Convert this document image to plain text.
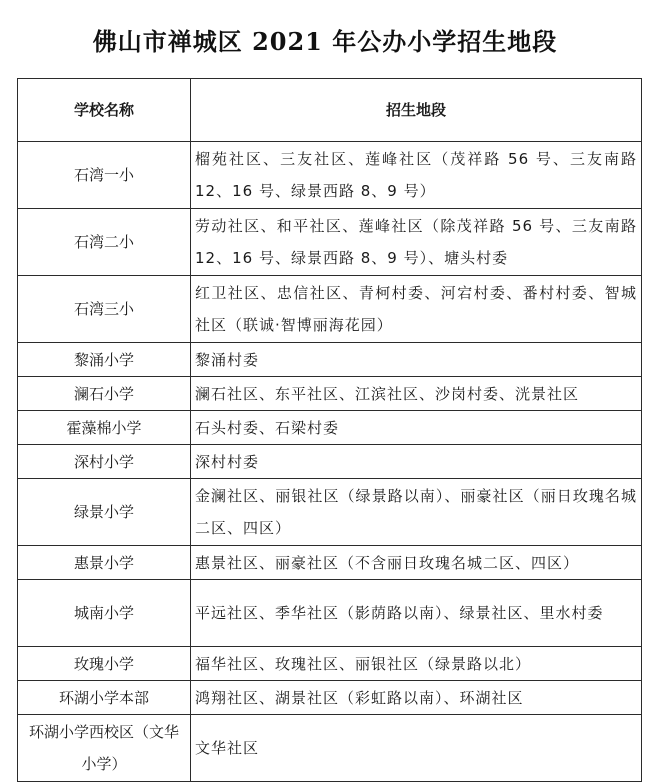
佛山市禅城区 2021 年公办小学招生地段
学校名称	招生地段
石湾一小	榴苑社区、三友社区、莲峰社区（茂祥路 56 号、三友南路 12、16 号、绿景西路 8、9 号）
石湾二小	劳动社区、和平社区、莲峰社区（除茂祥路 56 号、三友南路 12、16 号、绿景西路 8、9 号）、塘头村委
石湾三小	红卫社区、忠信社区、青柯村委、河宕村委、番村村委、智城社区（联诚·智博丽海花园）
黎涌小学	黎涌村委
澜石小学	澜石社区、东平社区、江滨社区、沙岗村委、洸景社区
霍藻棉小学	石头村委、石梁村委
深村小学	深村村委
绿景小学	金澜社区、丽银社区（绿景路以南）、丽豪社区（丽日玫瑰名城二区、四区）
惠景小学	惠景社区、丽豪社区（不含丽日玫瑰名城二区、四区）
城南小学	平远社区、季华社区（影荫路以南）、绿景社区、里水村委
玫瑰小学	福华社区、玫瑰社区、丽银社区（绿景路以北）
环湖小学本部	鸿翔社区、湖景社区（彩虹路以南）、环湖社区
环湖小学西校区（文华小学）	文华社区
